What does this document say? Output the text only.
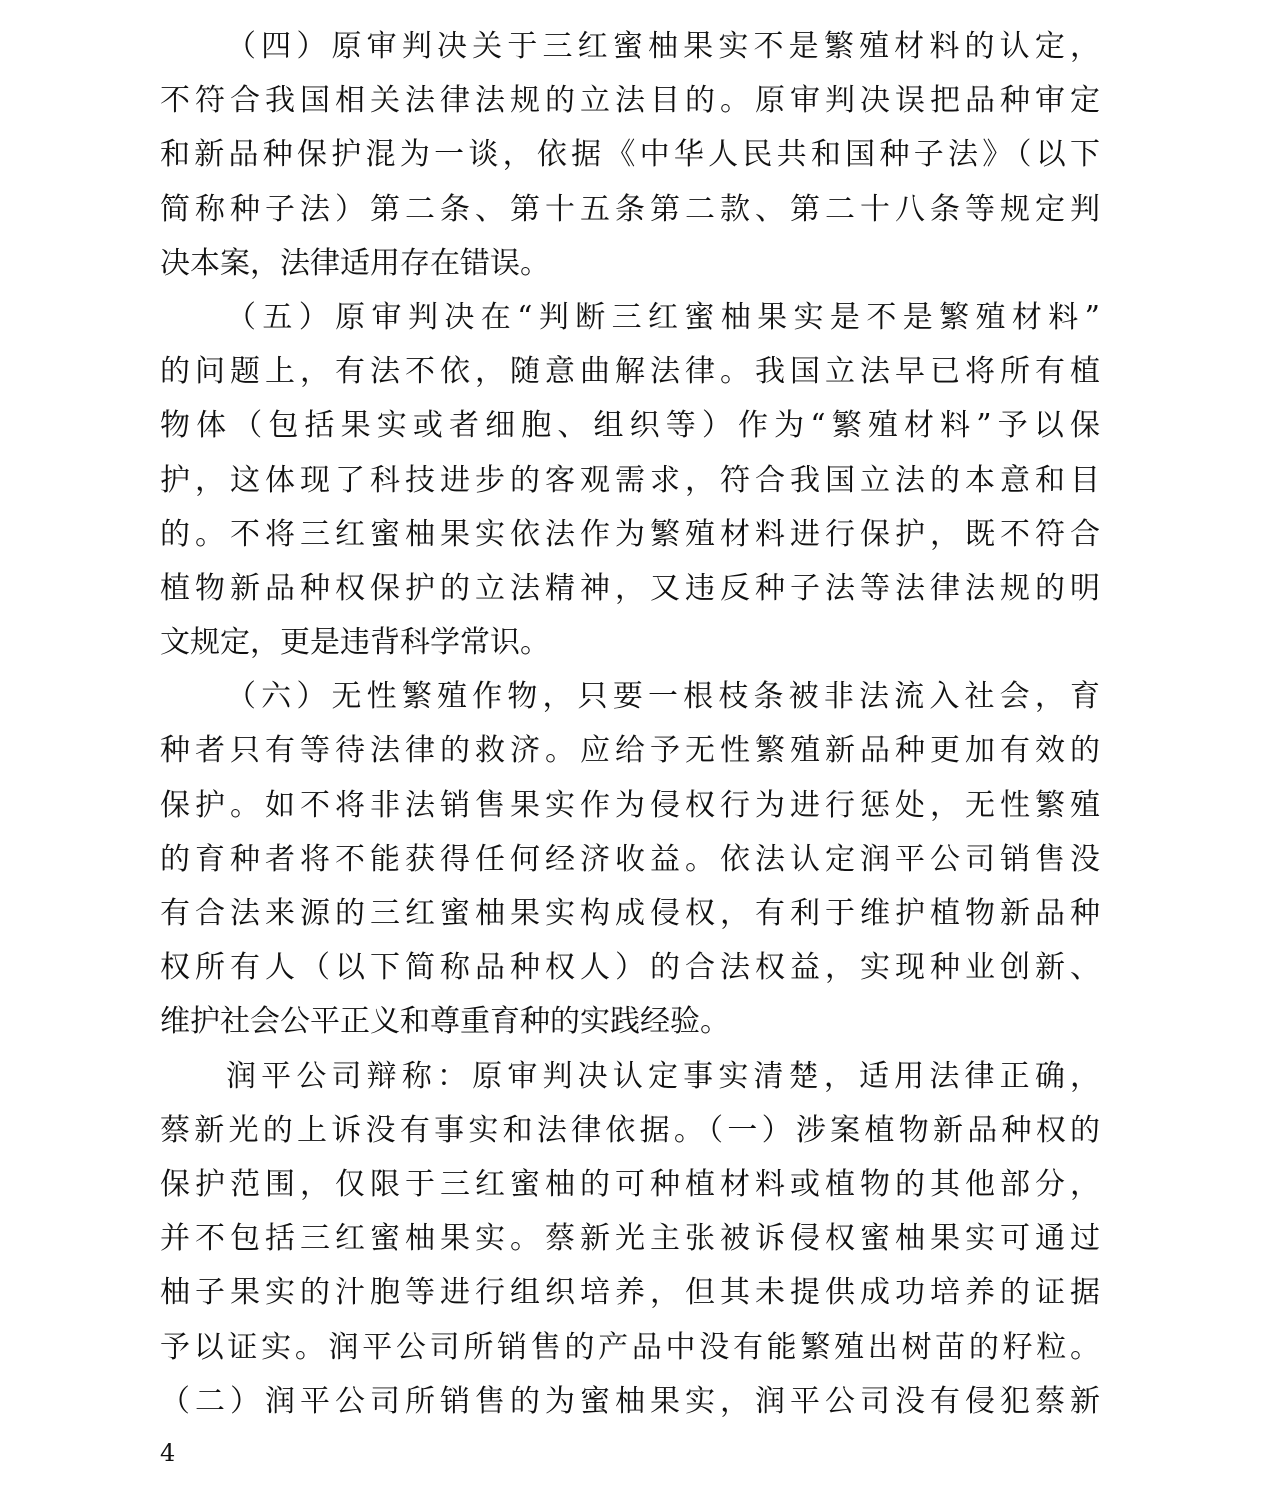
（四）原审判决关于三红蜜柚果实不是繁殖材料的认定，
不符合我国相关法律法规的立法目的。原审判决误把品种审定
和新品种保护混为一谈，依据《中华人民共和国种子法》（以下
简称种子法）第二条、第十五条第二款、第二十八条等规定判
决本案，法律适用存在错误。
（五）原审判决在“判断三红蜜柚果实是不是繁殖材料”
的问题上，有法不依，随意曲解法律。我国立法早已将所有植
物体（包括果实或者细胞、组织等）作为“繁殖材料”予以保
护，这体现了科技进步的客观需求，符合我国立法的本意和目
的。不将三红蜜柚果实依法作为繁殖材料进行保护，既不符合
植物新品种权保护的立法精神，又违反种子法等法律法规的明
文规定，更是违背科学常识。
（六）无性繁殖作物，只要一根枝条被非法流入社会，育
种者只有等待法律的救济。应给予无性繁殖新品种更加有效的
保护。如不将非法销售果实作为侵权行为进行惩处，无性繁殖
的育种者将不能获得任何经济收益。依法认定润平公司销售没
有合法来源的三红蜜柚果实构成侵权，有利于维护植物新品种
权所有人（以下简称品种权人）的合法权益，实现种业创新、
维护社会公平正义和尊重育种的实践经验。
润平公司辩称：原审判决认定事实清楚，适用法律正确，
蔡新光的上诉没有事实和法律依据。（一）涉案植物新品种权的
保护范围，仅限于三红蜜柚的可种植材料或植物的其他部分，
并不包括三红蜜柚果实。蔡新光主张被诉侵权蜜柚果实可通过
柚子果实的汁胞等进行组织培养，但其未提供成功培养的证据
予以证实。润平公司所销售的产品中没有能繁殖出树苗的籽粒。
（二）润平公司所销售的为蜜柚果实，润平公司没有侵犯蔡新
4
